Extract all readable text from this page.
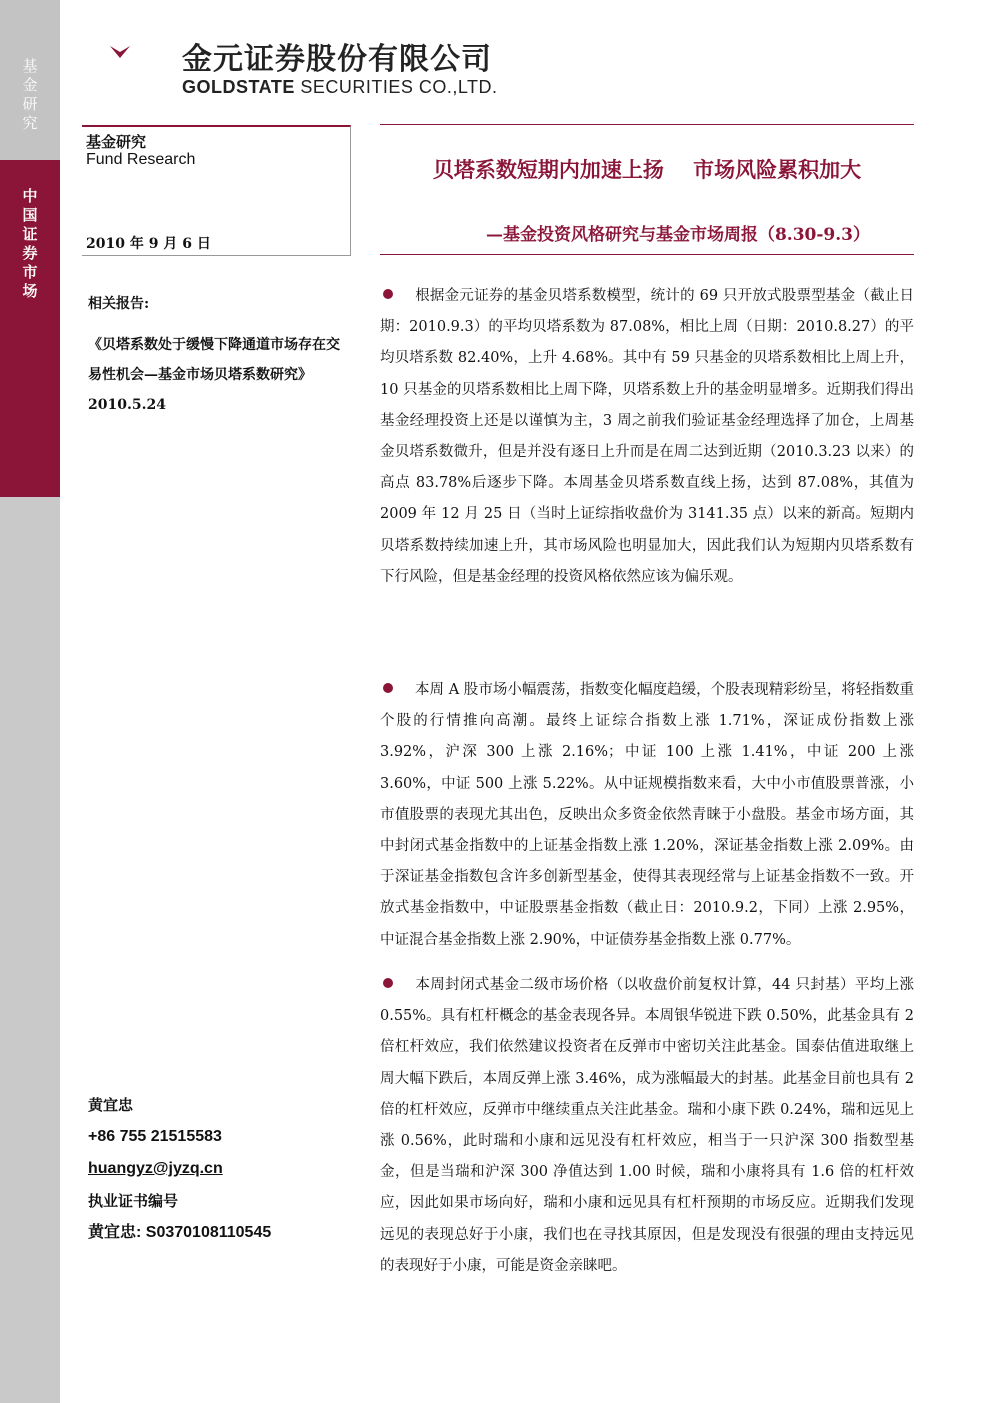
基金研究
中国证券市场
金元证券股份有限公司
GOLDSTATE SECURITIES CO.,LTD.
基金研究
Fund Research
2010 年 9 月 6 日
相关报告:
《贝塔系数处于缓慢下降通道市场存在交易性机会—基金市场贝塔系数研究》2010.5.24
黄宜忠
+86 755 21515583
huangyz@jyzq.cn
执业证书编号
黄宜忠: S0370108110545
贝塔系数短期内加速上扬    市场风险累积加大
—基金投资风格研究与基金市场周报（8.30-9.3）
根据金元证券的基金贝塔系数模型，统计的 69 只开放式股票型基金（截止日期：2010.9.3）的平均贝塔系数为 87.08%，相比上周（日期：2010.8.27）的平均贝塔系数 82.40%，上升 4.68%。其中有 59 只基金的贝塔系数相比上周上升，10 只基金的贝塔系数相比上周下降，贝塔系数上升的基金明显增多。近期我们得出基金经理投资上还是以谨慎为主，3 周之前我们验证基金经理选择了加仓，上周基金贝塔系数微升，但是并没有逐日上升而是在周二达到近期（2010.3.23 以来）的高点 83.78%后逐步下降。本周基金贝塔系数直线上扬，达到 87.08%，其值为 2009 年 12 月 25 日（当时上证综指收盘价为 3141.35 点）以来的新高。短期内贝塔系数持续加速上升，其市场风险也明显加大，因此我们认为短期内贝塔系数有下行风险，但是基金经理的投资风格依然应该为偏乐观。
本周 A 股市场小幅震荡，指数变化幅度趋缓，个股表现精彩纷呈，将轻指数重个股的行情推向高潮。最终上证综合指数上涨 1.71%，深证成份指数上涨 3.92%，沪深 300 上涨 2.16%；中证 100 上涨 1.41%，中证 200 上涨 3.60%，中证 500 上涨 5.22%。从中证规模指数来看，大中小市值股票普涨，小市值股票的表现尤其出色，反映出众多资金依然青睐于小盘股。基金市场方面，其中封闭式基金指数中的上证基金指数上涨 1.20%，深证基金指数上涨 2.09%。由于深证基金指数包含许多创新型基金，使得其表现经常与上证基金指数不一致。开放式基金指数中，中证股票基金指数（截止日：2010.9.2，下同）上涨 2.95%，中证混合基金指数上涨 2.90%，中证债券基金指数上涨 0.77%。
本周封闭式基金二级市场价格（以收盘价前复权计算，44 只封基）平均上涨 0.55%。具有杠杆概念的基金表现各异。本周银华锐进下跌 0.50%，此基金具有 2 倍杠杆效应，我们依然建议投资者在反弹市中密切关注此基金。国泰估值进取继上周大幅下跌后，本周反弹上涨 3.46%，成为涨幅最大的封基。此基金目前也具有 2 倍的杠杆效应，反弹市中继续重点关注此基金。瑞和小康下跌 0.24%，瑞和远见上涨 0.56%，此时瑞和小康和远见没有杠杆效应，相当于一只沪深 300 指数型基金，但是当瑞和沪深 300 净值达到 1.00 时候，瑞和小康将具有 1.6 倍的杠杆效应，因此如果市场向好，瑞和小康和远见具有杠杆预期的市场反应。近期我们发现远见的表现总好于小康，我们也在寻找其原因，但是发现没有很强的理由支持远见的表现好于小康，可能是资金亲睐吧。
